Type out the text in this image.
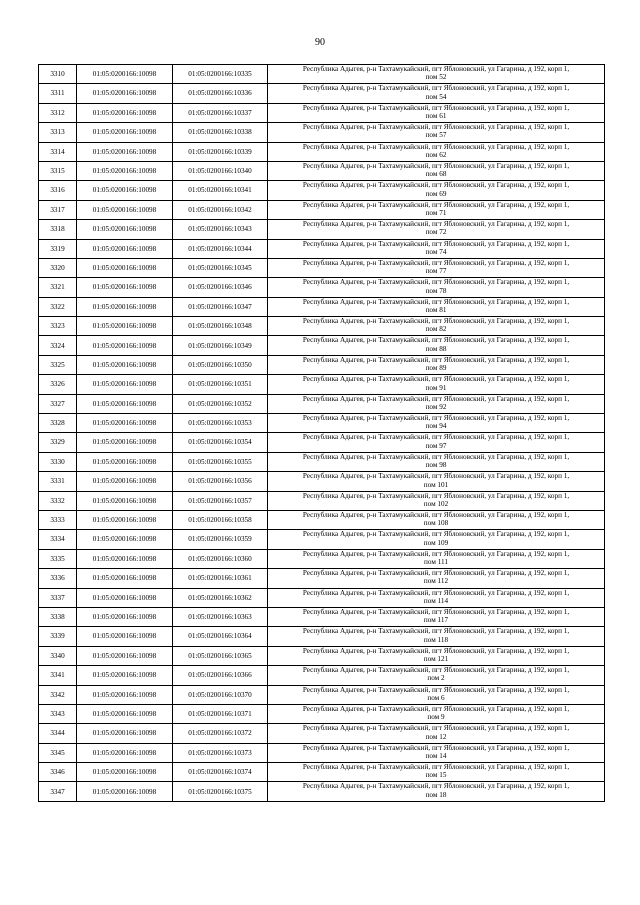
90
3310	01:05:0200166:10098	01:05:0200166:10335	Республика Адыгея, р-н Тахтамукайский, пгт Яблоновский, ул Гагарина, д 192, корп 1,
пом 52

3311	01:05:0200166:10098	01:05:0200166:10336	Республика Адыгея, р-н Тахтамукайский, пгт Яблоновский, ул Гагарина, д 192, корп 1,
пом 54

3312	01:05:0200166:10098	01:05:0200166:10337	Республика Адыгея, р-н Тахтамукайский, пгт Яблоновский, ул Гагарина, д 192, корп 1,
пом 61

3313	01:05:0200166:10098	01:05:0200166:10338	Республика Адыгея, р-н Тахтамукайский, пгт Яблоновский, ул Гагарина, д 192, корп 1,
пом 57

3314	01:05:0200166:10098	01:05:0200166:10339	Республика Адыгея, р-н Тахтамукайский, пгт Яблоновский, ул Гагарина, д 192, корп 1,
пом 62

3315	01:05:0200166:10098	01:05:0200166:10340	Республика Адыгея, р-н Тахтамукайский, пгт Яблоновский, ул Гагарина, д 192, корп 1,
пом 68

3316	01:05:0200166:10098	01:05:0200166:10341	Республика Адыгея, р-н Тахтамукайский, пгт Яблоновский, ул Гагарина, д 192, корп 1,
пом 69

3317	01:05:0200166:10098	01:05:0200166:10342	Республика Адыгея, р-н Тахтамукайский, пгт Яблоновский, ул Гагарина, д 192, корп 1,
пом 71

3318	01:05:0200166:10098	01:05:0200166:10343	Республика Адыгея, р-н Тахтамукайский, пгт Яблоновский, ул Гагарина, д 192, корп 1,
пом 72

3319	01:05:0200166:10098	01:05:0200166:10344	Республика Адыгея, р-н Тахтамукайский, пгт Яблоновский, ул Гагарина, д 192, корп 1,
пом 74

3320	01:05:0200166:10098	01:05:0200166:10345	Республика Адыгея, р-н Тахтамукайский, пгт Яблоновский, ул Гагарина, д 192, корп 1,
пом 77

3321	01:05:0200166:10098	01:05:0200166:10346	Республика Адыгея, р-н Тахтамукайский, пгт Яблоновский, ул Гагарина, д 192, корп 1,
пом 78

3322	01:05:0200166:10098	01:05:0200166:10347	Республика Адыгея, р-н Тахтамукайский, пгт Яблоновский, ул Гагарина, д 192, корп 1,
пом 81

3323	01:05:0200166:10098	01:05:0200166:10348	Республика Адыгея, р-н Тахтамукайский, пгт Яблоновский, ул Гагарина, д 192, корп 1,
пом 82

3324	01:05:0200166:10098	01:05:0200166:10349	Республика Адыгея, р-н Тахтамукайский, пгт Яблоновский, ул Гагарина, д 192, корп 1,
пом 88

3325	01:05:0200166:10098	01:05:0200166:10350	Республика Адыгея, р-н Тахтамукайский, пгт Яблоновский, ул Гагарина, д 192, корп 1,
пом 89

3326	01:05:0200166:10098	01:05:0200166:10351	Республика Адыгея, р-н Тахтамукайский, пгт Яблоновский, ул Гагарина, д 192, корп 1,
пом 91

3327	01:05:0200166:10098	01:05:0200166:10352	Республика Адыгея, р-н Тахтамукайский, пгт Яблоновский, ул Гагарина, д 192, корп 1,
пом 92

3328	01:05:0200166:10098	01:05:0200166:10353	Республика Адыгея, р-н Тахтамукайский, пгт Яблоновский, ул Гагарина, д 192, корп 1,
пом 94

3329	01:05:0200166:10098	01:05:0200166:10354	Республика Адыгея, р-н Тахтамукайский, пгт Яблоновский, ул Гагарина, д 192, корп 1,
пом 97

3330	01:05:0200166:10098	01:05:0200166:10355	Республика Адыгея, р-н Тахтамукайский, пгт Яблоновский, ул Гагарина, д 192, корп 1,
пом 98

3331	01:05:0200166:10098	01:05:0200166:10356	Республика Адыгея, р-н Тахтамукайский, пгт Яблоновский, ул Гагарина, д 192, корп 1,
пом 101

3332	01:05:0200166:10098	01:05:0200166:10357	Республика Адыгея, р-н Тахтамукайский, пгт Яблоновский, ул Гагарина, д 192, корп 1,
пом 102

3333	01:05:0200166:10098	01:05:0200166:10358	Республика Адыгея, р-н Тахтамукайский, пгт Яблоновский, ул Гагарина, д 192, корп 1,
пом 108

3334	01:05:0200166:10098	01:05:0200166:10359	Республика Адыгея, р-н Тахтамукайский, пгт Яблоновский, ул Гагарина, д 192, корп 1,
пом 109

3335	01:05:0200166:10098	01:05:0200166:10360	Республика Адыгея, р-н Тахтамукайский, пгт Яблоновский, ул Гагарина, д 192, корп 1,
пом 111

3336	01:05:0200166:10098	01:05:0200166:10361	Республика Адыгея, р-н Тахтамукайский, пгт Яблоновский, ул Гагарина, д 192, корп 1,
пом 112

3337	01:05:0200166:10098	01:05:0200166:10362	Республика Адыгея, р-н Тахтамукайский, пгт Яблоновский, ул Гагарина, д 192, корп 1,
пом 114

3338	01:05:0200166:10098	01:05:0200166:10363	Республика Адыгея, р-н Тахтамукайский, пгт Яблоновский, ул Гагарина, д 192, корп 1,
пом 117

3339	01:05:0200166:10098	01:05:0200166:10364	Республика Адыгея, р-н Тахтамукайский, пгт Яблоновский, ул Гагарина, д 192, корп 1,
пом 118

3340	01:05:0200166:10098	01:05:0200166:10365	Республика Адыгея, р-н Тахтамукайский, пгт Яблоновский, ул Гагарина, д 192, корп 1,
пом 121

3341	01:05:0200166:10098	01:05:0200166:10366	Республика Адыгея, р-н Тахтамукайский, пгт Яблоновский, ул Гагарина, д 192, корп 1,
пом 2

3342	01:05:0200166:10098	01:05:0200166:10370	Республика Адыгея, р-н Тахтамукайский, пгт Яблоновский, ул Гагарина, д 192, корп 1,
пом 6

3343	01:05:0200166:10098	01:05:0200166:10371	Республика Адыгея, р-н Тахтамукайский, пгт Яблоновский, ул Гагарина, д 192, корп 1,
пом 9

3344	01:05:0200166:10098	01:05:0200166:10372	Республика Адыгея, р-н Тахтамукайский, пгт Яблоновский, ул Гагарина, д 192, корп 1,
пом 12

3345	01:05:0200166:10098	01:05:0200166:10373	Республика Адыгея, р-н Тахтамукайский, пгт Яблоновский, ул Гагарина, д 192, корп 1,
пом 14

3346	01:05:0200166:10098	01:05:0200166:10374	Республика Адыгея, р-н Тахтамукайский, пгт Яблоновский, ул Гагарина, д 192, корп 1,
пом 15

3347	01:05:0200166:10098	01:05:0200166:10375	Республика Адыгея, р-н Тахтамукайский, пгт Яблоновский, ул Гагарина, д 192, корп 1,
пом 18
